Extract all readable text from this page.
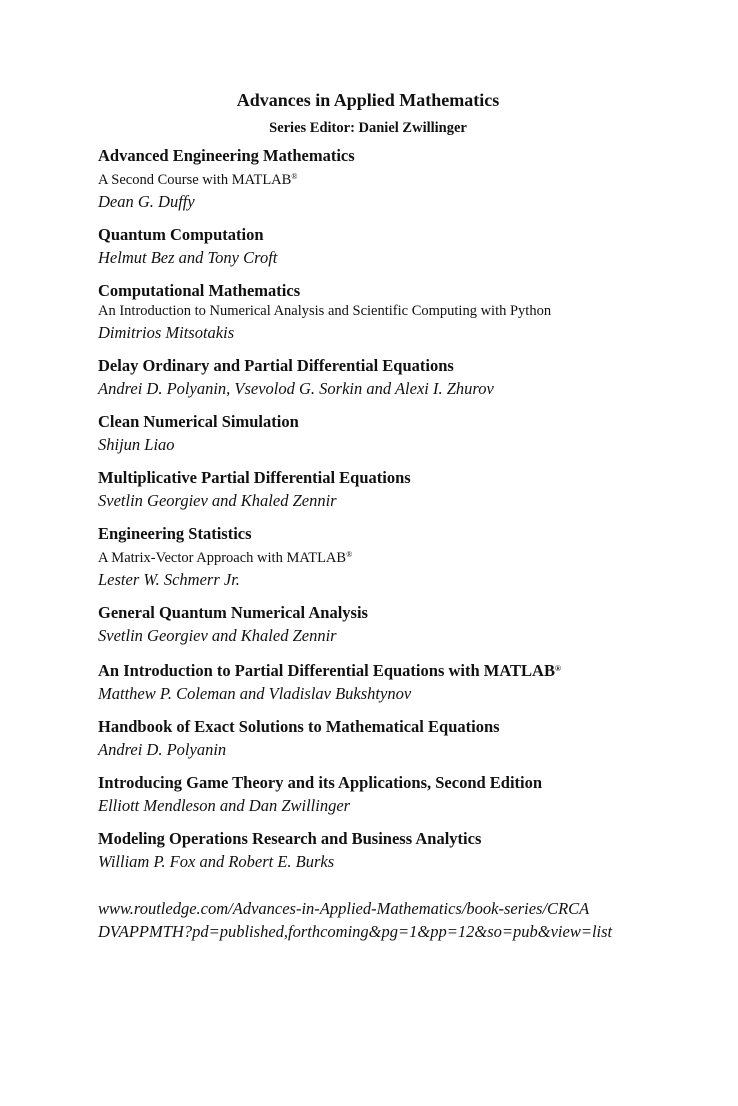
Advances in Applied Mathematics
Series Editor: Daniel Zwillinger
Advanced Engineering Mathematics
A Second Course with MATLAB®
Dean G. Duffy
Quantum Computation
Helmut Bez and Tony Croft
Computational Mathematics
An Introduction to Numerical Analysis and Scientific Computing with Python
Dimitrios Mitsotakis
Delay Ordinary and Partial Differential Equations
Andrei D. Polyanin, Vsevolod G. Sorkin and Alexi I. Zhurov
Clean Numerical Simulation
Shijun Liao
Multiplicative Partial Differential Equations
Svetlin Georgiev and Khaled Zennir
Engineering Statistics
A Matrix-Vector Approach with MATLAB®
Lester W. Schmerr Jr.
General Quantum Numerical Analysis
Svetlin Georgiev and Khaled Zennir
An Introduction to Partial Differential Equations with MATLAB®
Matthew P. Coleman and Vladislav Bukshtynov
Handbook of Exact Solutions to Mathematical Equations
Andrei D. Polyanin
Introducing Game Theory and its Applications, Second Edition
Elliott Mendleson and Dan Zwillinger
Modeling Operations Research and Business Analytics
William P. Fox and Robert E. Burks
www.routledge.com/Advances-in-Applied-Mathematics/book-series/CRCA
DVAPPMTH?pd=published,forthcoming&pg=1&pp=12&so=pub&view=list
